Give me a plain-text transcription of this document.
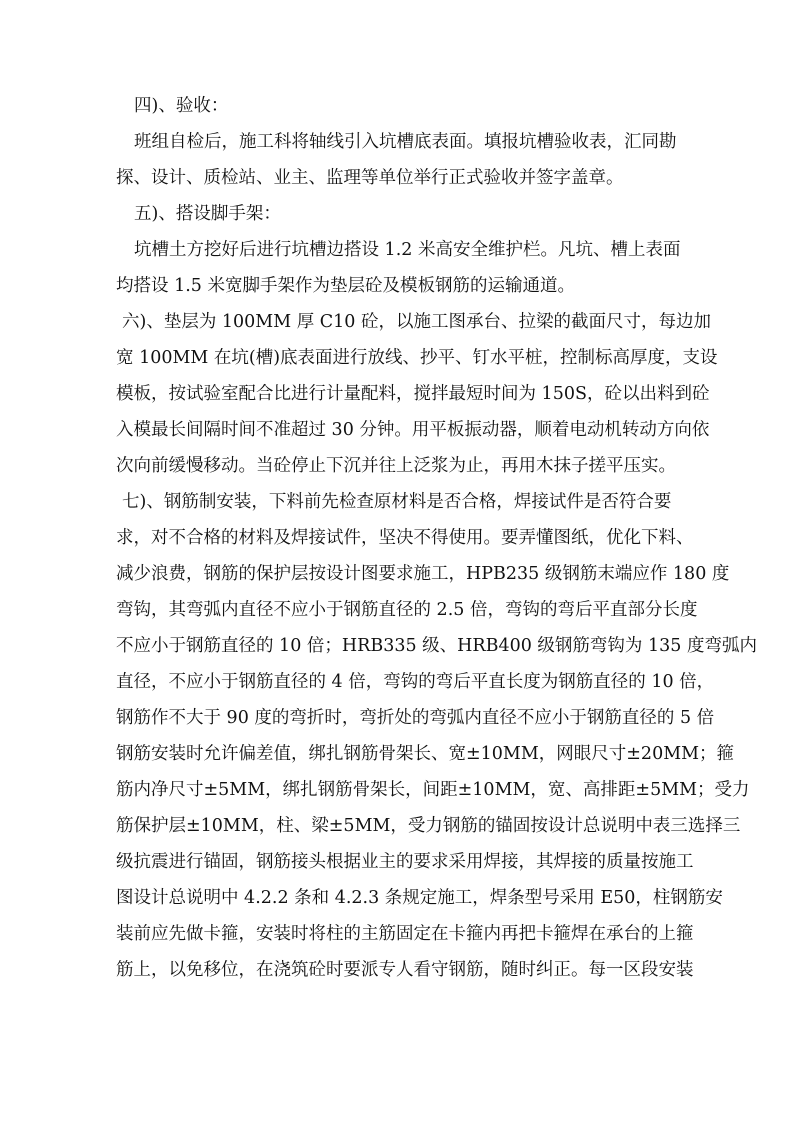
四)、验收：
班组自检后，施工科将轴线引入坑槽底表面。填报坑槽验收表，汇同勘
探、设计、质检站、业主、监理等单位举行正式验收并签字盖章。
五)、搭设脚手架：
坑槽土方挖好后进行坑槽边搭设 1.2 米高安全维护栏。凡坑、槽上表面
均搭设 1.5 米宽脚手架作为垫层砼及模板钢筋的运输通道。
六)、垫层为 100MM 厚 C10 砼，以施工图承台、拉梁的截面尺寸，每边加
宽 100MM 在坑(槽)底表面进行放线、抄平、钉水平桩，控制标高厚度，支设
模板，按试验室配合比进行计量配料，搅拌最短时间为 150S，砼以出料到砼
入模最长间隔时间不准超过 30 分钟。用平板振动器，顺着电动机转动方向依
次向前缓慢移动。当砼停止下沉并往上泛浆为止，再用木抹子搓平压实。
七)、钢筋制安装，下料前先检查原材料是否合格，焊接试件是否符合要
求，对不合格的材料及焊接试件，坚决不得使用。要弄懂图纸，优化下料、
减少浪费，钢筋的保护层按设计图要求施工，HPB235 级钢筋末端应作 180 度
弯钩，其弯弧内直径不应小于钢筋直径的 2.5 倍，弯钩的弯后平直部分长度
不应小于钢筋直径的 10 倍；HRB335 级、HRB400 级钢筋弯钩为 135 度弯弧内
直径，不应小于钢筋直径的 4 倍，弯钩的弯后平直长度为钢筋直径的 10 倍，
钢筋作不大于 90 度的弯折时，弯折处的弯弧内直径不应小于钢筋直径的 5 倍
钢筋安装时允许偏差值，绑扎钢筋骨架长、宽±10MM，网眼尺寸±20MM；箍
筋内净尺寸±5MM，绑扎钢筋骨架长，间距±10MM，宽、高排距±5MM；受力
筋保护层±10MM，柱、梁±5MM，受力钢筋的锚固按设计总说明中表三选择三
级抗震进行锚固，钢筋接头根据业主的要求采用焊接，其焊接的质量按施工
图设计总说明中 4.2.2 条和 4.2.3 条规定施工，焊条型号采用 E50，柱钢筋安
装前应先做卡箍，安装时将柱的主筋固定在卡箍内再把卡箍焊在承台的上箍
筋上，以免移位，在浇筑砼时要派专人看守钢筋，随时纠正。每一区段安装
